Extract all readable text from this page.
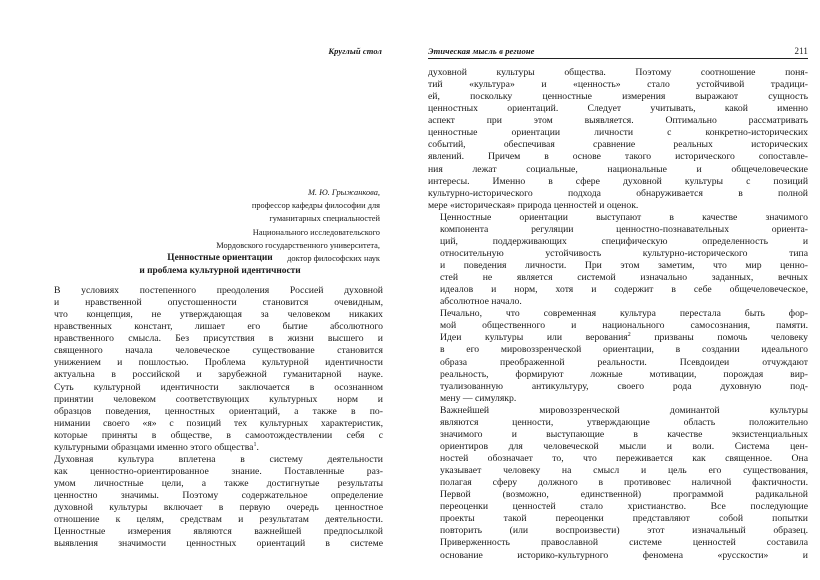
Круглый стол
М. Ю. Грыжанкова,
профессор кафедры философии для
гуманитарных специальностей
Национального исследовательского
Мордовского государственного университета,
доктор философских наук
Ценностные ориентации
и проблема культурной идентичности

В условиях постепенного преодоления Россией духовной
и нравственной опустошенности становится очевидным,
что концепция, не утверждающая за человеком никаких
нравственных констант, лишает его бытие абсолютного
нравственного смысла. Без присутствия в жизни высшего и
священного начала человеческое существование становится
унижением и пошлостью. Проблема культурной идентичности
актуальна в российской и зарубежной гуманитарной науке.
Суть культурной идентичности заключается в осознанном
принятии человеком соответствующих культурных норм и
образцов поведения, ценностных ориентаций, а также в по-
нимании своего «я» с позиций тех культурных характеристик,
которые приняты в обществе, в самоотождествлении себя с
культурными образцами именно этого общества$^1$.

Духовная культура вплетена в систему деятельности
как ценностно-ориентированное знание. Поставленные раз-
умом личностные цели, а также достигнутые результаты
ценностно значимы. Поэтому содержательное определение
духовной культуры включает в первую очередь ценностное
отношение к целям, средствам и результатам деятельности.
Ценностные измерения являются важнейшей предпосылкой
выявления значимости ценностных ориентаций в системе

Этическая мысль в регионе	211

духовной культуры общества. Поэтому соотношение поня-
тий «культура» и «ценность» стало устойчивой традици-
ей, поскольку ценностные измерения выражают сущность
ценностных ориентаций. Следует учитывать, какой именно
аспект при этом выявляется. Оптимально рассматривать
ценностные ориентации личности с конкретно-исторических
событий, обеспечивая сравнение реальных исторических
явлений. Причем в основе такого исторического сопоставле-
ния лежат социальные, национальные и общечеловеческие
интересы. Именно в сфере духовной культуры с позиций
культурно-исторического подхода обнаруживается в полной
мере «историческая» природа ценностей и оценок.

Ценностные ориентации выступают в качестве значимого
компонента регуляции ценностно-познавательных ориента-
ций, поддерживающих специфическую определенность и
относительную устойчивость культурно-исторического типа
и поведения личности. При этом заметим, что мир ценно-
стей не является системой изначально заданных, вечных
идеалов и норм, хотя и содержит в себе общечеловеческое,
абсолютное начало.

Печально, что современная культура перестала быть фор-
мой общественного и национального самосознания, памяти.
Идеи культуры или верования$^2$ призваны помочь человеку
в его мировоззренческой ориентации, в создании идеального
образа преображенной реальности. Псевдоидеи отчуждают
реальность, формируют ложные мотивации, порождая вир-
туализованную антикультуру, своего рода духовную под-
мену — симулякр.

Важнейшей мировоззренческой доминантой культуры
являются ценности, утверждающие область положительно
значимого и выступающие в качестве экзистенциальных
ориентиров для человеческой мысли и воли. Система цен-
ностей обозначает то, что переживается как священное. Она
указывает человеку на смысл и цель его существования,
полагая сферу должного в противовес наличной фактичности.
Первой (возможно, единственной) программой радикальной
переоценки ценностей стало христианство. Все последующие
проекты такой переоценки представляют собой попытки
повторить (или воспроизвести) этот изначальный образец.
Приверженность православной системе ценностей составила
основание историко-культурного феномена «русскости» и
